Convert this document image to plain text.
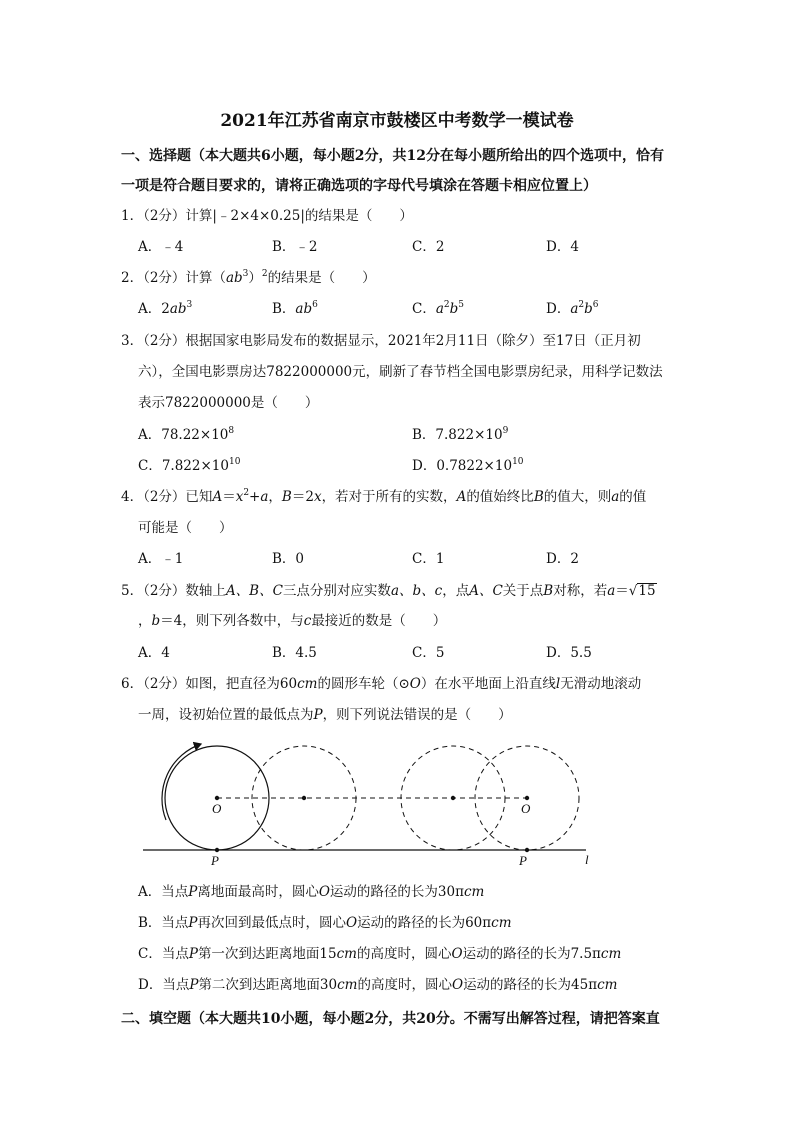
2021年江苏省南京市鼓楼区中考数学一模试卷
一、选择题（本大题共6小题，每小题2分，共12分在每小题所给出的四个选项中，恰有
一项是符合题目要求的，请将正确选项的字母代号填涂在答题卡相应位置上）
1．（2分）计算|﹣2×4×0.25|的结果是（　　）
A．﹣4	B．﹣2	C．2	D．4
2．（2分）计算$(ab^3)^2$的结果是（　　）
A．$2ab^3$	B．$ab^6$	C．$a^2b^5$	D．$a^2b^6$
3．（2分）根据国家电影局发布的数据显示，2021年2月11日（除夕）至17日（正月初
六），全国电影票房达7822000000元，刷新了春节档全国电影票房纪录，用科学记数法
表示7822000000是（　　）
A．$78.22\times 10^8$	B．$7.822\times 10^9$
C．$7.822\times 10^{10}$	D．$0.7822\times 10^{10}$
4．（2分）已知$A=x^2+a$，B＝2x，若对于所有的实数，A的值始终比B的值大，则a的值
可能是（　　）
A．﹣1	B．0	C．1	D．2
5．（2分）数轴上A、B、C三点分别对应实数a、b、c，点A、C关于点B对称，若a＝√15
，b＝4，则下列各数中，与c最接近的数是（　　）
A．4	B．4.5	C．5	D．5.5
6．（2分）如图，把直径为60cm的圆形车轮（⊙O）在水平地面上沿直线l无滑动地滚动
一周，设初始位置的最低点为P，则下列说法错误的是（　　）
O	O
P	P	l
A．当点P离地面最高时，圆心O运动的路径的长为30πcm
B．当点P再次回到最低点时，圆心O运动的路径的长为60πcm
C．当点P第一次到达距离地面15cm的高度时，圆心O运动的路径的长为7.5πcm
D．当点P第二次到达距离地面30cm的高度时，圆心O运动的路径的长为45πcm
二、填空题（本大题共10小题，每小题2分，共20分。不需写出解答过程，请把答案直
